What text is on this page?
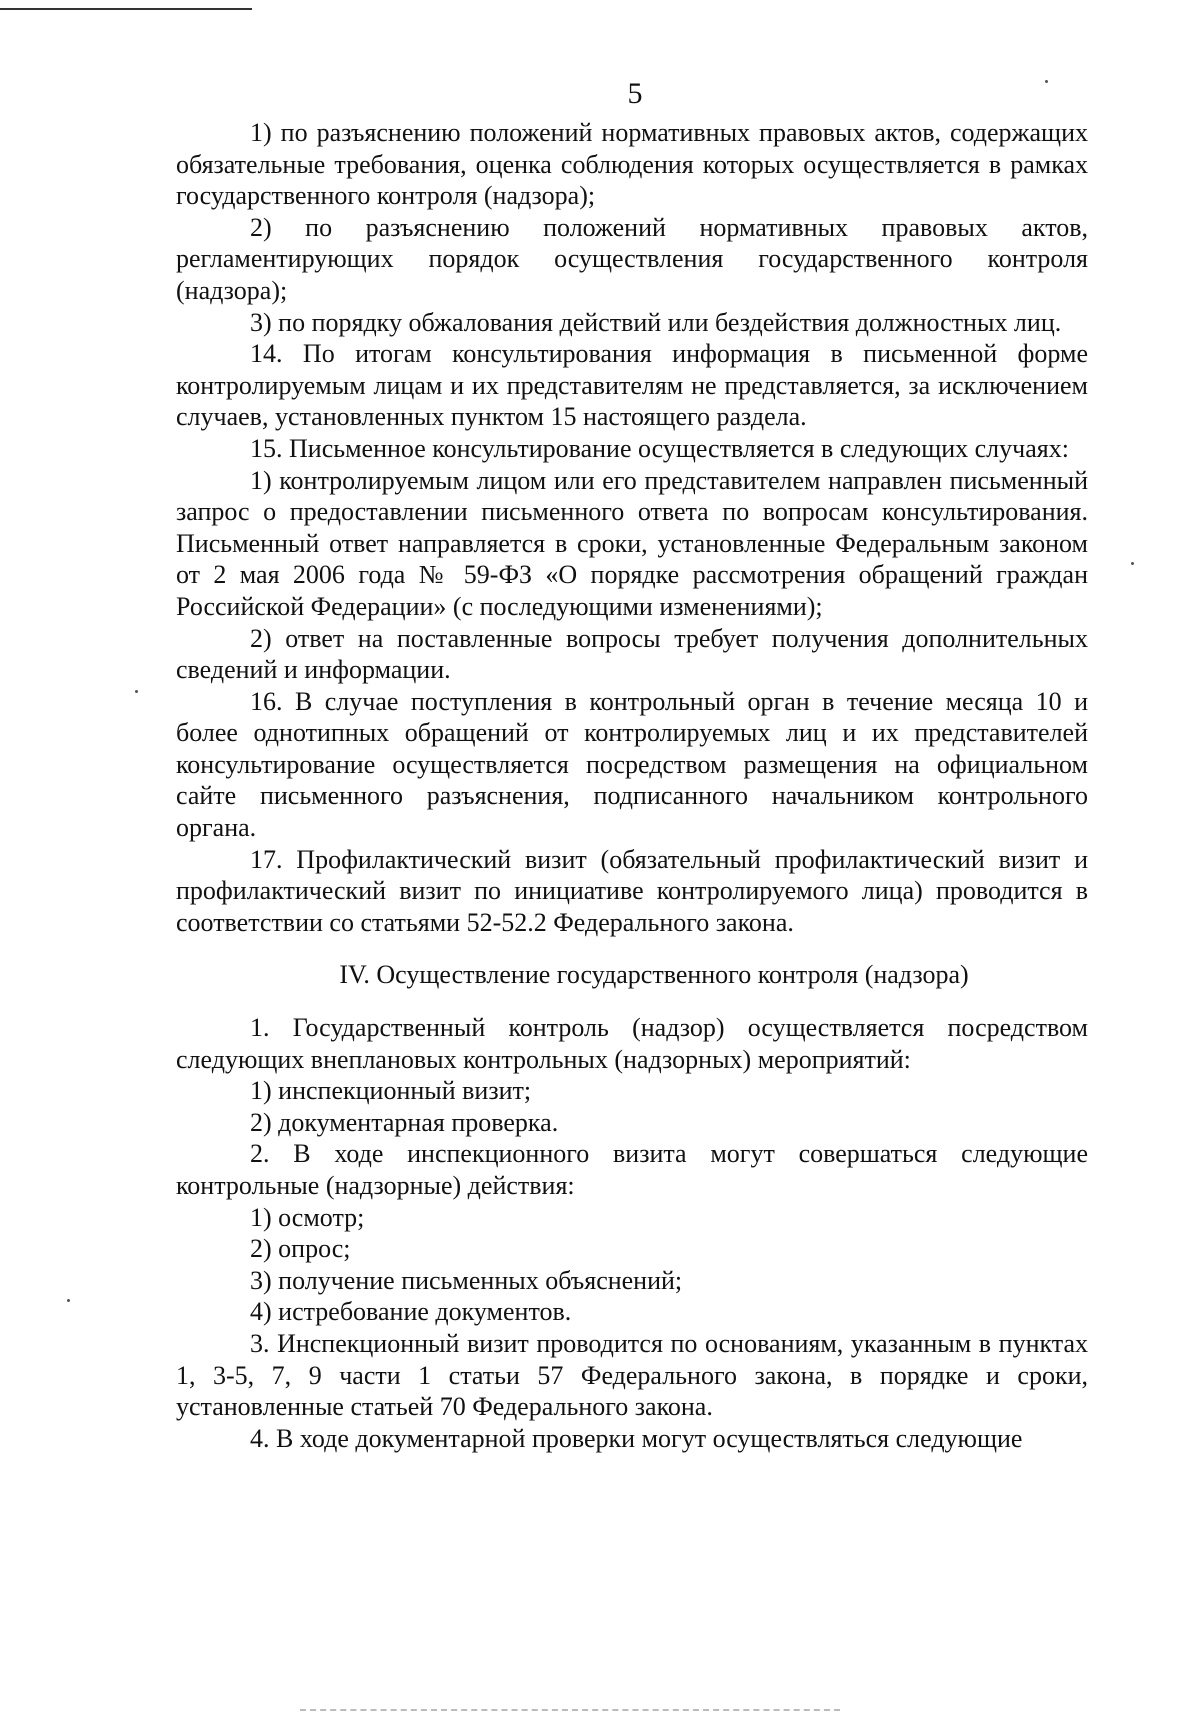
5

1) по разъяснению положений нормативных правовых актов, содержащих обязательные требования, оценка соблюдения которых осуществляется в рамках государственного контроля (надзора);

2) по разъяснению положений нормативных правовых актов, регламентирующих порядок осуществления государственного контроля (надзора);

3) по порядку обжалования действий или бездействия должностных лиц.

14. По итогам консультирования информация в письменной форме контролируемым лицам и их представителям не представляется, за исключением случаев, установленных пунктом 15 настоящего раздела.

15. Письменное консультирование осуществляется в следующих случаях:

1) контролируемым лицом или его представителем направлен письменный запрос о предоставлении письменного ответа по вопросам консультирования. Письменный ответ направляется в сроки, установленные Федеральным законом от 2 мая 2006 года № 59-ФЗ «О порядке рассмотрения обращений граждан Российской Федерации» (с последующими изменениями);

2) ответ на поставленные вопросы требует получения дополнительных сведений и информации.

16. В случае поступления в контрольный орган в течение месяца 10 и более однотипных обращений от контролируемых лиц и их представителей консультирование осуществляется посредством размещения на официальном сайте письменного разъяснения, подписанного начальником контрольного органа.

17. Профилактический визит (обязательный профилактический визит и профилактический визит по инициативе контролируемого лица) проводится в соответствии со статьями 52-52.2 Федерального закона.

IV. Осуществление государственного контроля (надзора)

1. Государственный контроль (надзор) осуществляется посредством следующих внеплановых контрольных (надзорных) мероприятий:

1) инспекционный визит;

2) документарная проверка.

2. В ходе инспекционного визита могут совершаться следующие контрольные (надзорные) действия:

1) осмотр;

2) опрос;

3) получение письменных объяснений;

4) истребование документов.

3. Инспекционный визит проводится по основаниям, указанным в пунктах 1, 3-5, 7, 9 части 1 статьи 57 Федерального закона, в порядке и сроки, установленные статьей 70 Федерального закона.

4. В ходе документарной проверки могут осуществляться следующие
